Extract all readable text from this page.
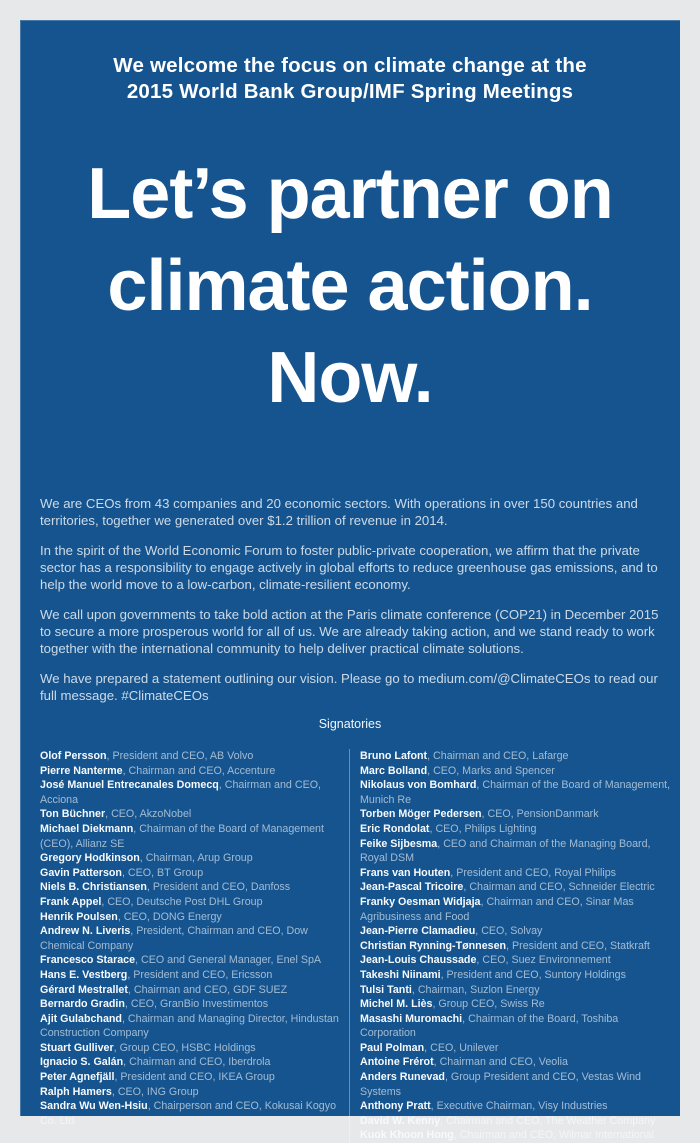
We welcome the focus on climate change at the
2015 World Bank Group/IMF Spring Meetings
Let’s partner on
climate action.
Now.

We are CEOs from 43 companies and 20 economic sectors. With operations in over 150 countries and territories, together we generated over $1.2 trillion of revenue in 2014.

In the spirit of the World Economic Forum to foster public-private cooperation, we affirm that the private sector has a responsibility to engage actively in global efforts to reduce greenhouse gas emissions, and to help the world move to a low-carbon, climate-resilient economy.

We call upon governments to take bold action at the Paris climate conference (COP21) in December 2015 to secure a more prosperous world for all of us. We are already taking action, and we stand ready to work together with the international community to help deliver practical climate solutions.

We have prepared a statement outlining our vision. Please go to medium.com/@ClimateCEOs to read our full message. #ClimateCEOs

Signatories
Olof Persson , President and CEO, AB Volvo
Pierre Nanterme , Chairman and CEO, Accenture
José Manuel Entrecanales Domecq , Chairman and CEO, Acciona
Ton Büchner , CEO, AkzoNobel
Michael Diekmann , Chairman of the Board of Management (CEO), Allianz SE
Gregory Hodkinson , Chairman, Arup Group
Gavin Patterson , CEO, BT Group
Niels B. Christiansen , President and CEO, Danfoss
Frank Appel , CEO, Deutsche Post DHL Group
Henrik Poulsen , CEO, DONG Energy
Andrew N. Liveris , President, Chairman and CEO, Dow Chemical Company
Francesco Starace , CEO and General Manager, Enel SpA
Hans E. Vestberg , President and CEO, Ericsson
Gérard Mestrallet , Chairman and CEO, GDF SUEZ
Bernardo Gradin , CEO, GranBio Investimentos
Ajit Gulabchand , Chairman and Managing Director, Hindustan Construction Company
Stuart Gulliver , Group CEO, HSBC Holdings
Ignacio S. Galán , Chairman and CEO, Iberdrola
Peter Agnefjäll , President and CEO, IKEA Group
Ralph Hamers , CEO, ING Group
Sandra Wu Wen-Hsiu , Chairperson and CEO, Kokusai Kogyo Co. Ltd
Bruno Lafont , Chairman and CEO, Lafarge
Marc Bolland , CEO, Marks and Spencer
Nikolaus von Bomhard , Chairman of the Board of Management, Munich Re
Torben Möger Pedersen , CEO, PensionDanmark
Eric Rondolat , CEO, Philips Lighting
Feike Sijbesma , CEO and Chairman of the Managing Board, Royal DSM
Frans van Houten , President and CEO, Royal Philips
Jean-Pascal Tricoire , Chairman and CEO, Schneider Electric
Franky Oesman Widjaja , Chairman and CEO, Sinar Mas Agribusiness and Food
Jean-Pierre Clamadieu , CEO, Solvay
Christian Rynning-Tønnesen , President and CEO, Statkraft
Jean-Louis Chaussade , CEO, Suez Environnement
Takeshi Niinami , President and CEO, Suntory Holdings
Tulsi Tanti , Chairman, Suzlon Energy
Michel M. Liès , Group CEO, Swiss Re
Masashi Muromachi , Chairman of the Board, Toshiba Corporation
Paul Polman , CEO, Unilever
Antoine Frérot , Chairman and CEO, Veolia
Anders Runevad , Group President and CEO, Vestas Wind Systems
Anthony Pratt , Executive Chairman, Visy Industries
David W. Kenny , Chairman and CEO, The Weather Company
Kuok Khoon Hong , Chairman and CEO, Wilmar International
